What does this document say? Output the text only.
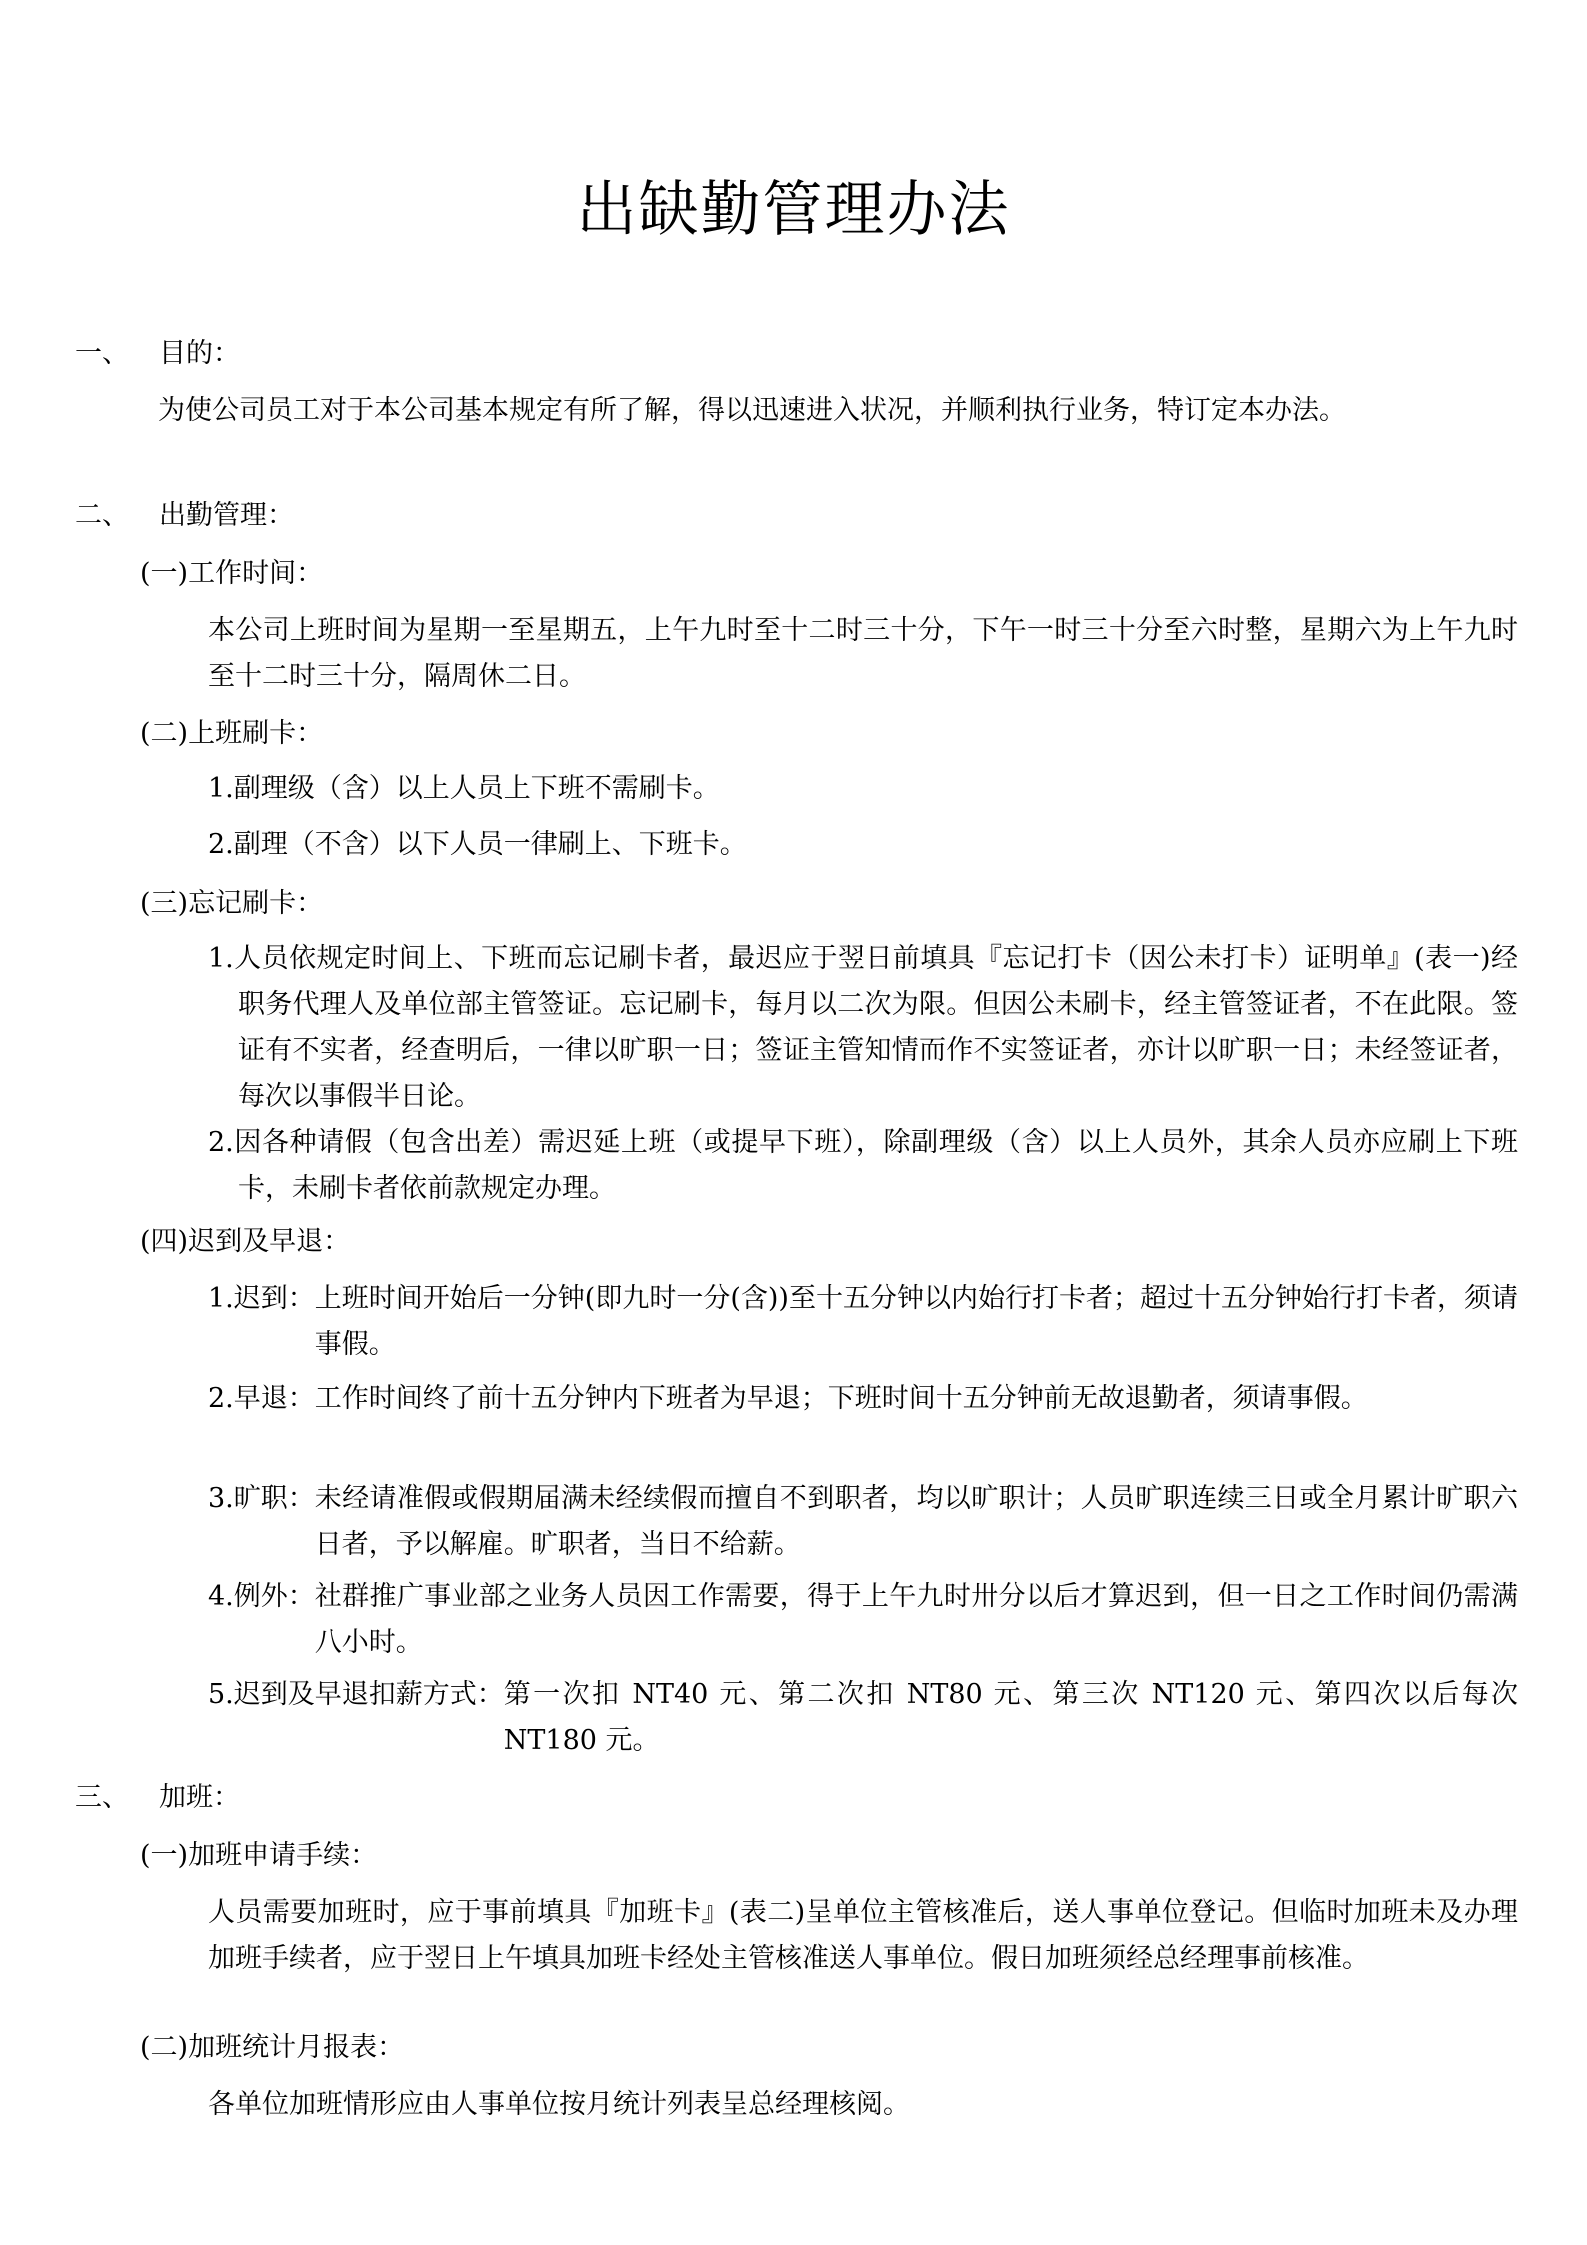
出缺勤管理办法
一、 目的：
为使公司员工对于本公司基本规定有所了解，得以迅速进入状况，并顺利执行业务，特订定本办法。
二、 出勤管理：
(一)工作时间：
本公司上班时间为星期一至星期五，上午九时至十二时三十分，下午一时三十分至六时整，星期六为上午九时至十二时三十分，隔周休二日。
(二)上班刷卡：
1.副理级（含）以上人员上下班不需刷卡。
2.副理（不含）以下人员一律刷上、下班卡。
(三)忘记刷卡：
1.人员依规定时间上、下班而忘记刷卡者，最迟应于翌日前填具『忘记打卡（因公未打卡）证明单』(表一)经职务代理人及单位部主管签证。忘记刷卡，每月以二次为限。但因公未刷卡，经主管签证者，不在此限。签证有不实者，经查明后，一律以旷职一日；签证主管知情而作不实签证者，亦计以旷职一日；未经签证者，每次以事假半日论。
2.因各种请假（包含出差）需迟延上班（或提早下班），除副理级（含）以上人员外，其余人员亦应刷上下班卡，未刷卡者依前款规定办理。
(四)迟到及早退：
1.迟到： 上班时间开始后一分钟(即九时一分(含))至十五分钟以内始行打卡者；超过十五分钟始行打卡者，须请事假。
2.早退： 工作时间终了前十五分钟内下班者为早退；下班时间十五分钟前无故退勤者，须请事假。
3.旷职： 未经请准假或假期届满未经续假而擅自不到职者，均以旷职计；人员旷职连续三日或全月累计旷职六日者，予以解雇。旷职者，当日不给薪。
4.例外： 社群推广事业部之业务人员因工作需要，得于上午九时卅分以后才算迟到，但一日之工作时间仍需满八小时。
5.迟到及早退扣薪方式： 第一次扣 NT40 元、第二次扣 NT80 元、第三次 NT120 元、第四次以后每次 NT180 元。
三、 加班：
(一)加班申请手续：
人员需要加班时，应于事前填具『加班卡』(表二)呈单位主管核准后，送人事单位登记。但临时加班未及办理加班手续者，应于翌日上午填具加班卡经处主管核准送人事单位。假日加班须经总经理事前核准。
(二)加班统计月报表：
各单位加班情形应由人事单位按月统计列表呈总经理核阅。
